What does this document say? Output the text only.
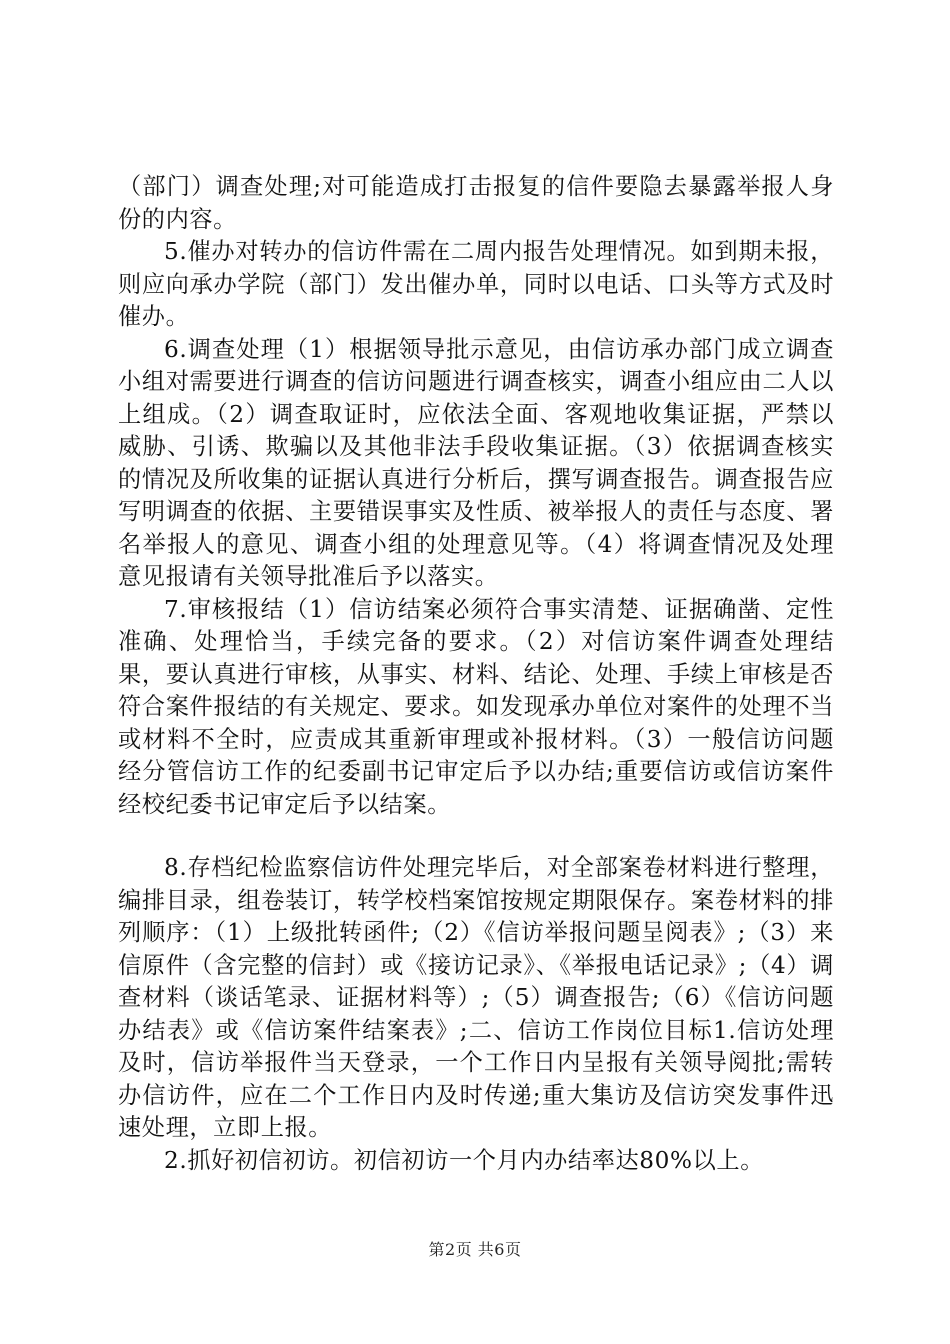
（部门）调查处理;对可能造成打击报复的信件要隐去暴露举报人身份的内容。

5.催办对转办的信访件需在二周内报告处理情况。如到期未报，则应向承办学院（部门）发出催办单，同时以电话、口头等方式及时催办。

6.调查处理（1）根据领导批示意见，由信访承办部门成立调查小组对需要进行调查的信访问题进行调查核实，调查小组应由二人以上组成。（2）调查取证时，应依法全面、客观地收集证据，严禁以威胁、引诱、欺骗以及其他非法手段收集证据。（3）依据调查核实的情况及所收集的证据认真进行分析后，撰写调查报告。调查报告应写明调查的依据、主要错误事实及性质、被举报人的责任与态度、署名举报人的意见、调查小组的处理意见等。（4）将调查情况及处理意见报请有关领导批准后予以落实。

7.审核报结（1）信访结案必须符合事实清楚、证据确凿、定性准确、处理恰当，手续完备的要求。（2）对信访案件调查处理结果，要认真进行审核，从事实、材料、结论、处理、手续上审核是否符合案件报结的有关规定、要求。如发现承办单位对案件的处理不当或材料不全时，应责成其重新审理或补报材料。（3）一般信访问题经分管信访工作的纪委副书记审定后予以办结;重要信访或信访案件经校纪委书记审定后予以结案。

8.存档纪检监察信访件处理完毕后，对全部案卷材料进行整理，编排目录，组卷装订，转学校档案馆按规定期限保存。案卷材料的排列顺序：（1）上级批转函件;（2）《信访举报问题呈阅表》;（3）来信原件（含完整的信封）或《接访记录》、《举报电话记录》;（4）调查材料（谈话笔录、证据材料等）;（5）调查报告;（6）《信访问题办结表》或《信访案件结案表》;二、信访工作岗位目标1.信访处理及时，信访举报件当天登录，一个工作日内呈报有关领导阅批;需转办信访件，应在二个工作日内及时传递;重大集访及信访突发事件迅速处理，立即上报。

2.抓好初信初访。初信初访一个月内办结率达80%以上。

第2页 共6页
